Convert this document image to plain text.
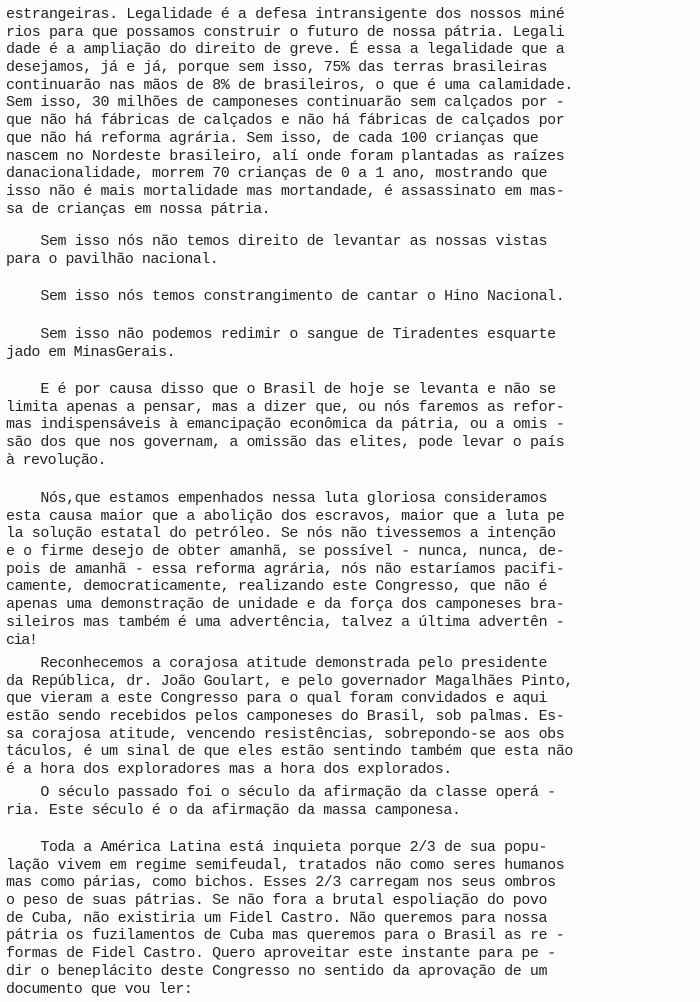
estrangeiras. Legalidade é a defesa intransigente dos nossos miné
rios para que possamos construir o futuro de nossa pátria. Legali
dade é a ampliação do direito de greve. É essa a legalidade que a
desejamos, já e já, porque sem isso, 75% das terras brasileiras
continuarão nas mãos de 8% de brasileiros, o que é uma calamidade.
Sem isso, 30 milhões de camponeses continuarão sem calçados por -
que não há fábricas de calçados e não há fábricas de calçados por
que não há reforma agrária. Sem isso, de cada 100 crianças que
nascem no Nordeste brasileiro, alí onde foram plantadas as raízes
danacionalidade, morrem 70 crianças de 0 a 1 ano, mostrando que
isso não é mais mortalidade mas mortandade, é assassinato em mas-
sa de crianças em nossa pátria.
Sem isso nós não temos direito de levantar as nossas vistas
para o pavilhão nacional.
Sem isso nós temos constrangimento de cantar o Hino Nacional.
Sem isso não podemos redimir o sangue de Tiradentes esquarte
jado em MinasGerais.
E é por causa disso que o Brasil de hoje se levanta e não se
limita apenas a pensar, mas a dizer que, ou nós faremos as refor-
mas indispensáveis à emancipação econômica da pátria, ou a omis -
são dos que nos governam, a omissão das elites, pode levar o país
à revolução.
Nós,que estamos empenhados nessa luta gloriosa consideramos
esta causa maior que a abolição dos escravos, maior que a luta pe
la solução estatal do petróleo. Se nós não tivessemos a intenção
e o firme desejo de obter amanhã, se possível - nunca, nunca, de-
pois de amanhã - essa reforma agrária, nós não estaríamos pacifi-
camente, democraticamente, realizando este Congresso, que não é
apenas uma demonstração de unidade e da força dos camponeses bra-
sileiros mas também é uma advertência, talvez a última advertên -
cia!
Reconhecemos a corajosa atitude demonstrada pelo presidente
da República, dr. João Goulart, e pelo governador Magalhães Pinto,
que vieram a este Congresso para o qual foram convidados e aqui
estão sendo recebidos pelos camponeses do Brasil, sob palmas. Es-
sa corajosa atitude, vencendo resistências, sobrepondo-se aos obs
táculos, é um sinal de que eles estão sentindo também que esta não
é a hora dos exploradores mas a hora dos explorados.
O século passado foi o século da afirmação da classe operá -
ria. Este século é o da afirmação da massa camponesa.
Toda a América Latina está inquieta porque 2/3 de sua popu-
lação vivem em regime semifeudal, tratados não como seres humanos
mas como párias, como bichos. Esses 2/3 carregam nos seus ombros
o peso de suas pátrias. Se não fora a brutal espoliação do povo
de Cuba, não existiria um Fidel Castro. Não queremos para nossa
pátria os fuzilamentos de Cuba mas queremos para o Brasil as re -
formas de Fidel Castro. Quero aproveitar este instante para pe -
dir o beneplácito deste Congresso no sentido da aprovação de um
documento que vou ler:
